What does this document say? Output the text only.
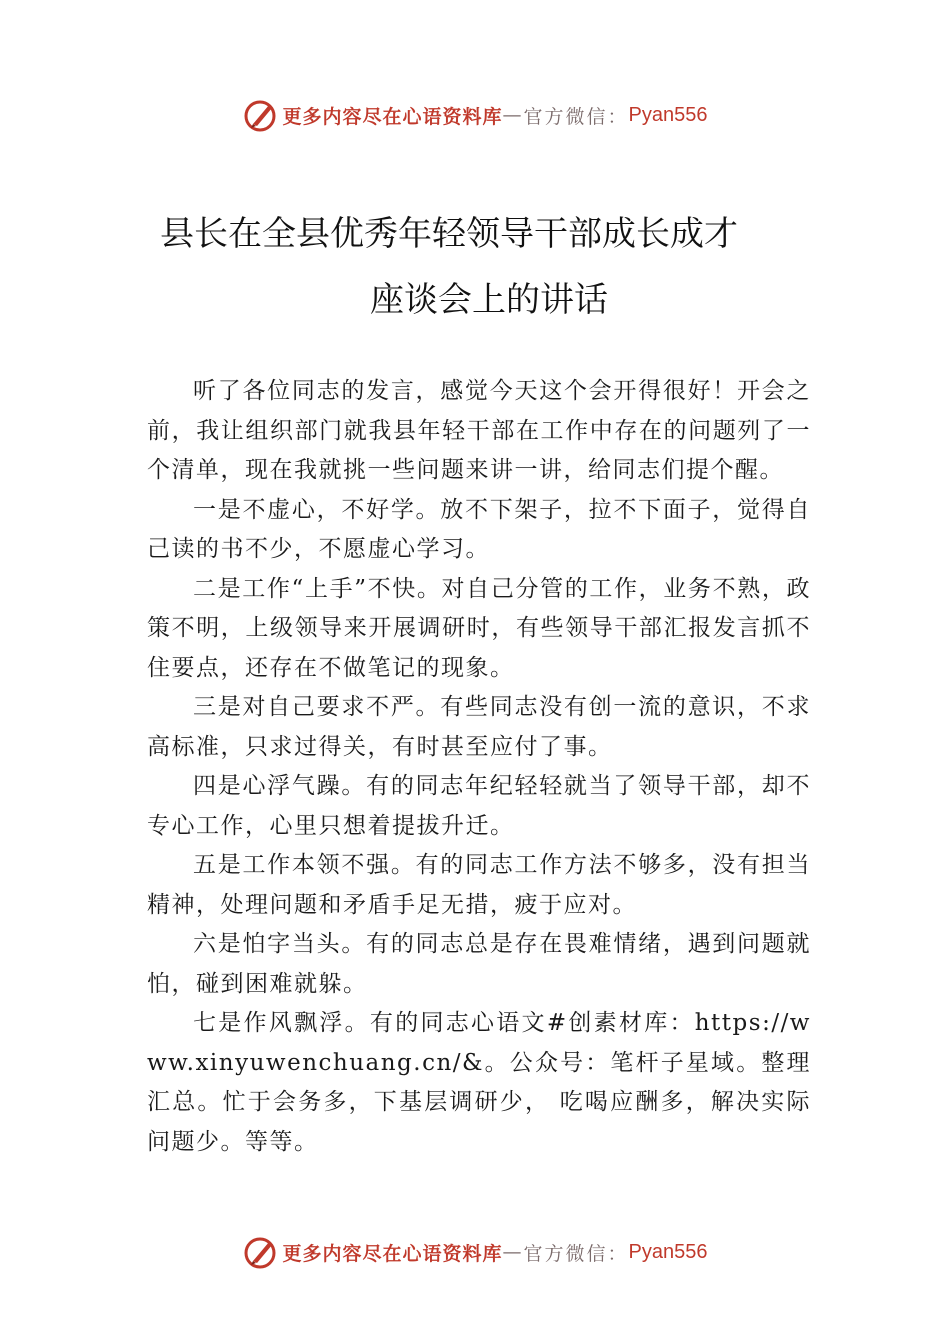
更多内容尽在心语资料库 — 官方微信： Pyan556
县长在全县优秀年轻领导干部成长成才
座谈会上的讲话

听了各位同志的发言，感觉今天这个会开得很好！开会之前，我让组织部门就我县年轻干部在工作中存在的问题列了一个清单，现在我就挑一些问题来讲一讲，给同志们提个醒。

一是不虚心，不好学。放不下架子，拉不下面子，觉得自己读的书不少，不愿虚心学习。

二是工作“上手”不快。对自己分管的工作，业务不熟，政策不明，上级领导来开展调研时，有些领导干部汇报发言抓不住要点，还存在不做笔记的现象。

三是对自己要求不严。有些同志没有创一流的意识，不求高标准，只求过得关，有时甚至应付了事。

四是心浮气躁。有的同志年纪轻轻就当了领导干部，却不专心工作，心里只想着提拔升迁。

五是工作本领不强。有的同志工作方法不够多，没有担当精神，处理问题和矛盾手足无措，疲于应对。

六是怕字当头。有的同志总是存在畏难情绪，遇到问题就怕，碰到困难就躲。

七是作风飘浮。有的同志心语文#创素材库：https://www.xinyuwenchuang.cn/&。公众号：笔杆子星域。整理汇总。忙于会务多，下基层调研少， 吃喝应酬多，解决实际问题少。等等。

更多内容尽在心语资料库 — 官方微信： Pyan556
